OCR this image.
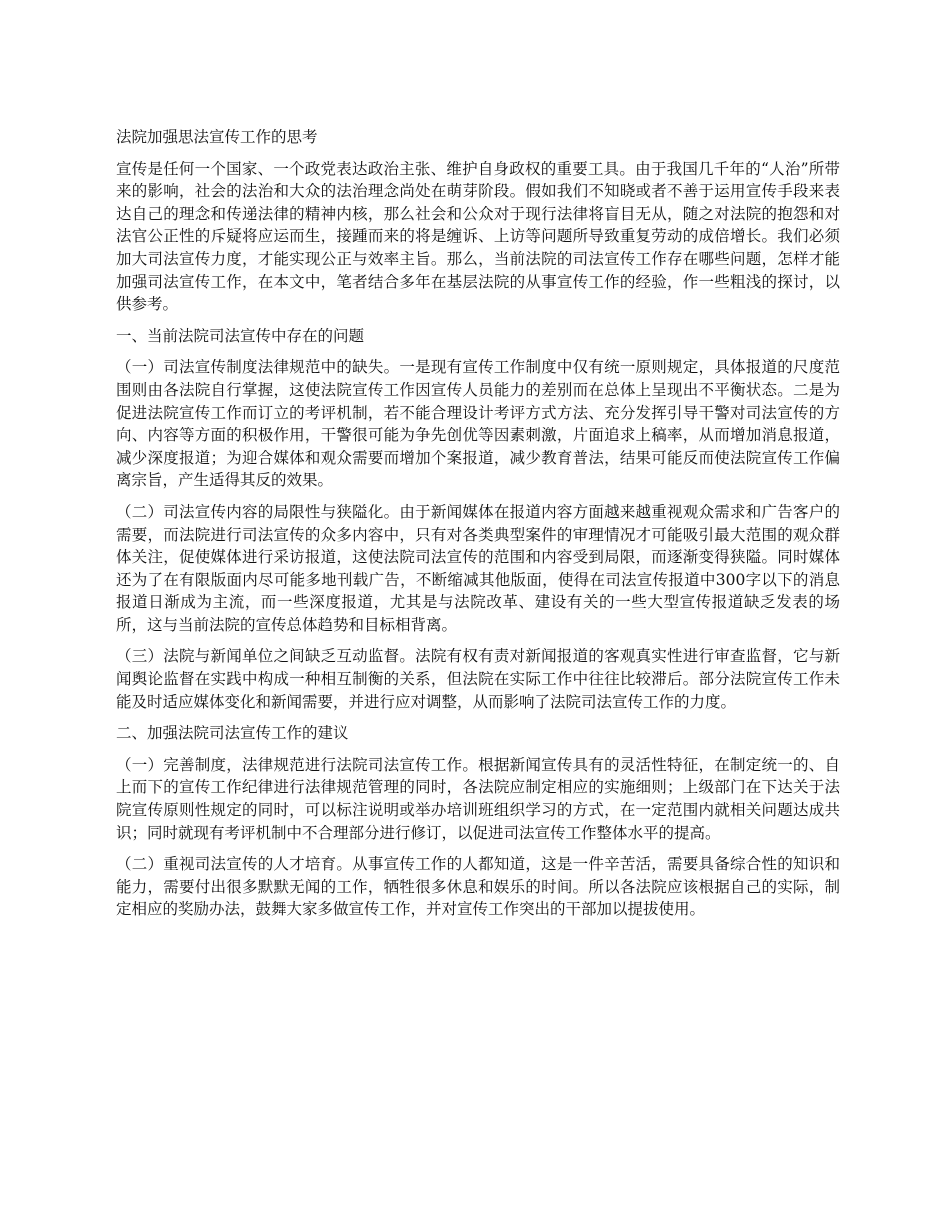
法院加强思法宣传工作的思考

宣传是任何一个国家、一个政党表达政治主张、维护自身政权的重要工具。由于我国几千年的“人治”所带来的影响，社会的法治和大众的法治理念尚处在萌芽阶段。假如我们不知晓或者不善于运用宣传手段来表达自己的理念和传递法律的精神内核，那么社会和公众对于现行法律将盲目无从，随之对法院的抱怨和对法官公正性的斥疑将应运而生，接踵而来的将是缠诉、上访等问题所导致重复劳动的成倍增长。我们必须加大司法宣传力度，才能实现公正与效率主旨。那么，当前法院的司法宣传工作存在哪些问题，怎样才能加强司法宣传工作，在本文中，笔者结合多年在基层法院的从事宣传工作的经验，作一些粗浅的探讨，以供参考。

一、当前法院司法宣传中存在的问题

（一）司法宣传制度法律规范中的缺失。一是现有宣传工作制度中仅有统一原则规定，具体报道的尺度范围则由各法院自行掌握，这使法院宣传工作因宣传人员能力的差别而在总体上呈现出不平衡状态。二是为促进法院宣传工作而订立的考评机制，若不能合理设计考评方式方法、充分发挥引导干警对司法宣传的方向、内容等方面的积极作用，干警很可能为争先创优等因素刺激，片面追求上稿率，从而增加消息报道，减少深度报道；为迎合媒体和观众需要而增加个案报道，减少教育普法，结果可能反而使法院宣传工作偏离宗旨，产生适得其反的效果。

（二）司法宣传内容的局限性与狭隘化。由于新闻媒体在报道内容方面越来越重视观众需求和广告客户的需要，而法院进行司法宣传的众多内容中，只有对各类典型案件的审理情况才可能吸引最大范围的观众群体关注，促使媒体进行采访报道，这使法院司法宣传的范围和内容受到局限，而逐渐变得狭隘。同时媒体还为了在有限版面内尽可能多地刊载广告，不断缩减其他版面，使得在司法宣传报道中300字以下的消息报道日渐成为主流，而一些深度报道，尤其是与法院改革、建设有关的一些大型宣传报道缺乏发表的场所，这与当前法院的宣传总体趋势和目标相背离。

（三）法院与新闻单位之间缺乏互动监督。法院有权有责对新闻报道的客观真实性进行审查监督，它与新闻舆论监督在实践中构成一种相互制衡的关系，但法院在实际工作中往往比较滞后。部分法院宣传工作未能及时适应媒体变化和新闻需要，并进行应对调整，从而影响了法院司法宣传工作的力度。

二、加强法院司法宣传工作的建议

（一）完善制度，法律规范进行法院司法宣传工作。根据新闻宣传具有的灵活性特征，在制定统一的、自上而下的宣传工作纪律进行法律规范管理的同时，各法院应制定相应的实施细则；上级部门在下达关于法院宣传原则性规定的同时，可以标注说明或举办培训班组织学习的方式，在一定范围内就相关问题达成共识；同时就现有考评机制中不合理部分进行修订，以促进司法宣传工作整体水平的提高。

（二）重视司法宣传的人才培育。从事宣传工作的人都知道，这是一件辛苦活，需要具备综合性的知识和能力，需要付出很多默默无闻的工作，牺牲很多休息和娱乐的时间。所以各法院应该根据自己的实际，制定相应的奖励办法，鼓舞大家多做宣传工作，并对宣传工作突出的干部加以提拔使用。
